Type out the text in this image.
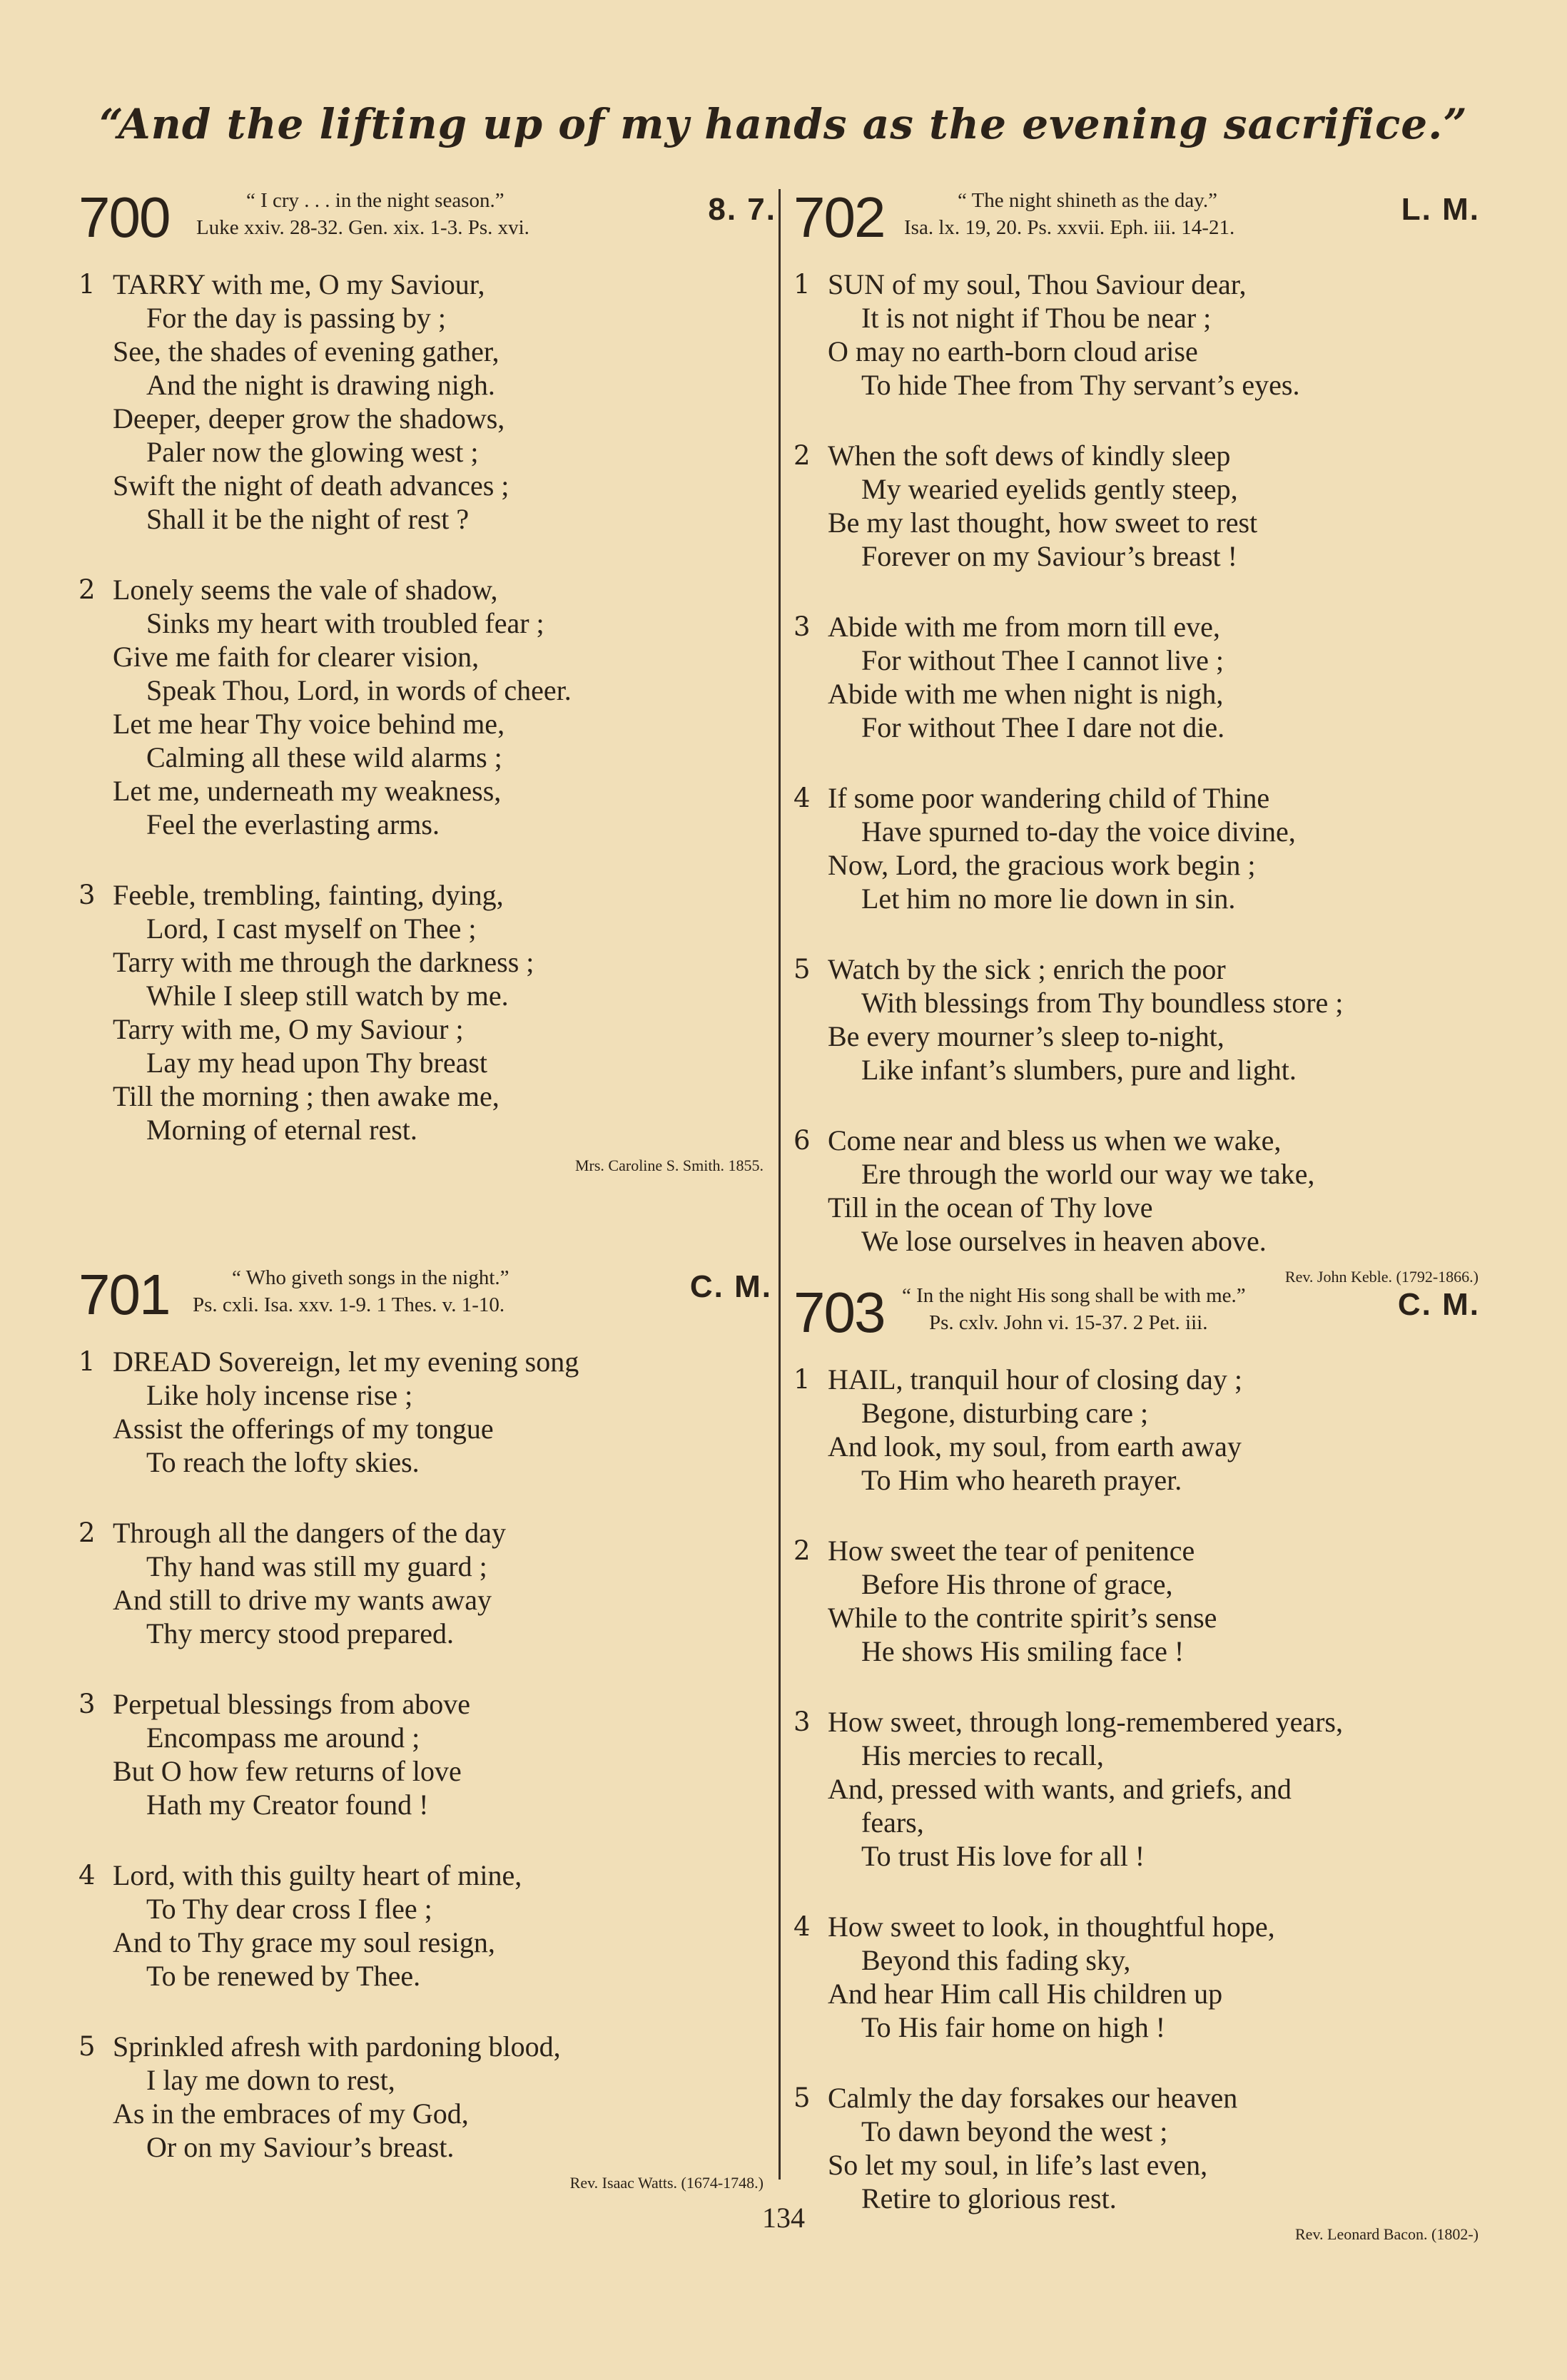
“And the lifting up of my hands as the evening sacrifice.”
700	“ I cry . . . in the night season.”
Luke xxiv. 28-32. Gen. xix. 1-3. Ps. xvi.
8. 7.
1 TARRY with me, O my Saviour,
For the day is passing by ;
See, the shades of evening gather,
And the night is drawing nigh.
Deeper, deeper grow the shadows,
Paler now the glowing west ;
Swift the night of death advances ;
Shall it be the night of rest ?
2 Lonely seems the vale of shadow,
Sinks my heart with troubled fear ;
Give me faith for clearer vision,
Speak Thou, Lord, in words of cheer.
Let me hear Thy voice behind me,
Calming all these wild alarms ;
Let me, underneath my weakness,
Feel the everlasting arms.
3 Feeble, trembling, fainting, dying,
Lord, I cast myself on Thee ;
Tarry with me through the darkness ;
While I sleep still watch by me.
Tarry with me, O my Saviour ;
Lay my head upon Thy breast
Till the morning ; then awake me,
Morning of eternal rest.
Mrs. Caroline S. Smith. 1855.
701	“ Who giveth songs in the night.”
Ps. cxli. Isa. xxv. 1-9. 1 Thes. v. 1-10.
C. M.
1 DREAD Sovereign, let my evening song
Like holy incense rise ;
Assist the offerings of my tongue
To reach the lofty skies.
2 Through all the dangers of the day
Thy hand was still my guard ;
And still to drive my wants away
Thy mercy stood prepared.
3 Perpetual blessings from above
Encompass me around ;
But O how few returns of love
Hath my Creator found !
4 Lord, with this guilty heart of mine,
To Thy dear cross I flee ;
And to Thy grace my soul resign,
To be renewed by Thee.
5 Sprinkled afresh with pardoning blood,
I lay me down to rest,
As in the embraces of my God,
Or on my Saviour’s breast.
Rev. Isaac Watts. (1674-1748.)
702	“ The night shineth as the day.”
Isa. lx. 19, 20. Ps. xxvii. Eph. iii. 14-21.
L. M.
1 SUN of my soul, Thou Saviour dear,
It is not night if Thou be near ;
O may no earth-born cloud arise
To hide Thee from Thy servant’s eyes.
2 When the soft dews of kindly sleep
My wearied eyelids gently steep,
Be my last thought, how sweet to rest
Forever on my Saviour’s breast !
3 Abide with me from morn till eve,
For without Thee I cannot live ;
Abide with me when night is nigh,
For without Thee I dare not die.
4 If some poor wandering child of Thine
Have spurned to-day the voice divine,
Now, Lord, the gracious work begin ;
Let him no more lie down in sin.
5 Watch by the sick ; enrich the poor
With blessings from Thy boundless store ;
Be every mourner’s sleep to-night,
Like infant’s slumbers, pure and light.
6 Come near and bless us when we wake,
Ere through the world our way we take,
Till in the ocean of Thy love
We lose ourselves in heaven above.
Rev. John Keble. (1792-1866.)
703 “ In the night His song shall be with me.”
Ps. cxlv. John vi. 15-37. 2 Pet. iii.
C. M.
1 HAIL, tranquil hour of closing day ;
Begone, disturbing care ;
And look, my soul, from earth away
To Him who heareth prayer.
2 How sweet the tear of penitence
Before His throne of grace,
While to the contrite spirit’s sense
He shows His smiling face !
3 How sweet, through long-remembered years,
His mercies to recall,
And, pressed with wants, and griefs, and
fears,
To trust His love for all !
4 How sweet to look, in thoughtful hope,
Beyond this fading sky,
And hear Him call His children up
To His fair home on high !
5 Calmly the day forsakes our heaven
To dawn beyond the west ;
So let my soul, in life’s last even,
Retire to glorious rest.
Rev. Leonard Bacon. (1802-)
134
